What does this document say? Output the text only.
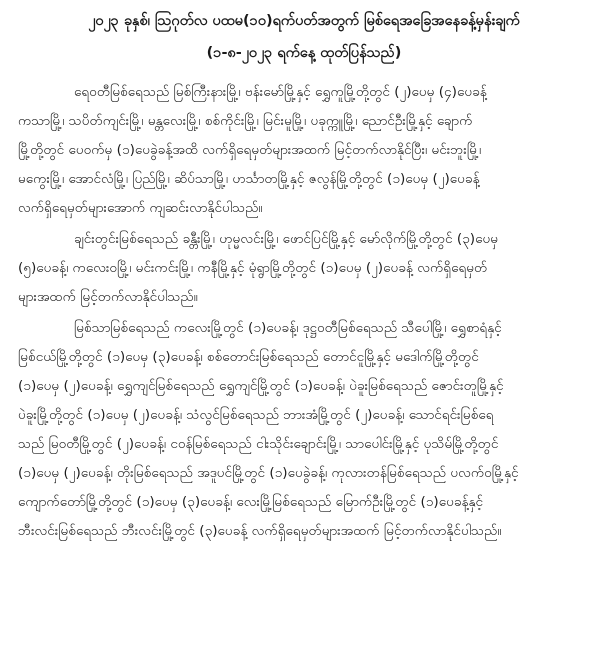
၂၀၂၃ ခုနှစ်၊ ဩဂုတ်လ ပထမ(၁၀)ရက်ပတ်အတွက် မြစ်ရေအခြေအနေခန့်မှန်းချက်
(၁-၈-၂၀၂၃ ရက်နေ့ ထုတ်ပြန်သည်)
ရေဝတီမြစ်ရေသည် မြစ်ကြီးနားမြို့၊ ဗန်းမော်မြို့နှင့် ရွှေကူမြို့တို့တွင် (၂)ပေမှ (၄)ပေခန့်
ကသာမြို့၊ သပိတ်ကျင်းမြို့၊ မန္တလေးမြို့၊ စစ်ကိုင်းမြို့၊ မြင်းမူမြို့၊ ပခုက္ကူမြို့၊ ညောင်ဦးမြို့နှင့် ချောက်
မြို့တို့တွင် ပေဝက်မှ (၁)ပေခွဲခန့်အထိ လက်ရှိရေမှတ်များအထက် မြင့်တက်လာနိုင်ပြီး၊ မင်းဘူးမြို့၊
မကွေးမြို့၊ အောင်လံမြို့၊ ပြည်မြို့၊ ဆိပ်သာမြို့၊ ဟင်္သာတမြို့နှင့် ဇလွန်မြို့တို့တွင် (၁)ပေမှ (၂)ပေခန့်
လက်ရှိရေမှတ်များအောက် ကျဆင်းလာနိုင်ပါသည်။
ချင်းတွင်းမြစ်ရေသည် ခန္တီးမြို့၊ ဟုမ္မလင်းမြို့၊ ဖောင်ပြင်မြို့နှင့် မော်လိုက်မြို့တို့တွင် (၃)ပေမှ
(၅)ပေခန့်၊ ကလေးဝမြို့၊ မင်းကင်းမြို့၊ ကနီမြို့နှင့် မုံရွာမြို့တို့တွင် (၁)ပေမှ (၂)ပေခန့် လက်ရှိရေမှတ်
များအထက် မြင့်တက်လာနိုင်ပါသည်။
မြစ်သာမြစ်ရေသည် ကလေးမြို့တွင် (၁)ပေခန့်၊ ဒုဋ္ဌဝတီမြစ်ရေသည် သီပေါမြို့၊ ရွှေစာရံနှင့်
မြစ်ငယ်မြို့တို့တွင် (၁)ပေမှ (၃)ပေခန့်၊ စစ်တောင်းမြစ်ရေသည် တောင်ငူမြို့နှင့် မဒေါက်မြို့တို့တွင်
(၁)ပေမှ (၂)ပေခန့်၊ ရွှေကျင်မြစ်ရေသည် ရွှေကျင်မြို့တွင် (၁)ပေခန့်၊ ပဲခူးမြစ်ရေသည် ဇောင်းတူမြို့နှင့်
ပဲခူးမြို့တို့တွင် (၁)ပေမှ (၂)ပေခန့်၊ သံလွင်မြစ်ရေသည် ဘားအံမြို့တွင် (၂)ပေခန့်၊ သောင်ရင်းမြစ်ရေ
သည် မြဝတီမြို့တွင် (၂)ပေခန့်၊ ငဝန်မြစ်ရေသည် ငါးသိုင်းချောင်းမြို့၊ သာပေါင်းမြို့နှင့် ပုသိမ်မြို့တို့တွင်
(၁)ပေမှ (၂)ပေခန့်၊ တိုးမြစ်ရေသည် အဒူပင်မြို့တွင် (၁)ပေခွဲခန့်၊ ကုလားတန်မြစ်ရေသည် ပလက်ဝမြို့နှင့်
ကျောက်တော်မြို့တို့တွင် (၁)ပေမှ (၃)ပေခန့်၊ လေးမြို့မြစ်ရေသည် မြောက်ဦးမြို့တွင် (၁)ပေခန့်နှင့်
ဘီးလင်းမြစ်ရေသည် ဘီးလင်းမြို့တွင် (၃)ပေခန့် လက်ရှိရေမှတ်များအထက် မြင့်တက်လာနိုင်ပါသည်။
